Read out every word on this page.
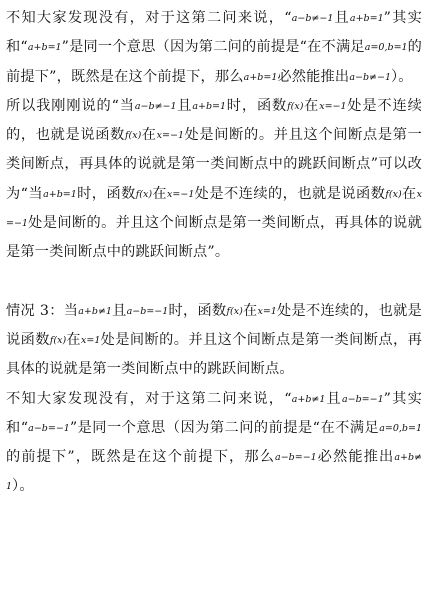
不知大家发现没有，对于这第二问来说，“a−b≠−1且a+b=1”其实和“a+b=1”是同一个意思（因为第二问的前提是“在不满足a=0,b=1的前提下”，既然是在这个前提下，那么a+b=1必然能推出a−b≠−1）。

所以我刚刚说的“当a−b≠−1且a+b=1时，函数f(x)在x=−1处是不连续的，也就是说函数f(x)在x=−1处是间断的。并且这个间断点是第一类间断点，再具体的说就是第一类间断点中的跳跃间断点”可以改为“当a+b=1时，函数f(x)在x=−1处是不连续的，也就是说函数f(x)在x=−1处是间断的。并且这个间断点是第一类间断点，再具体的说就是第一类间断点中的跳跃间断点”。

情况 3：当a+b≠1且a−b=−1时，函数f(x)在x=1处是不连续的，也就是说函数f(x)在x=1处是间断的。并且这个间断点是第一类间断点，再具体的说就是第一类间断点中的跳跃间断点。

不知大家发现没有，对于这第二问来说，“a+b≠1且a−b=−1”其实和“a−b=−1”是同一个意思（因为第二问的前提是“在不满足a=0,b=1的前提下”，既然是在这个前提下，那么a−b=−1必然能推出a+b≠1）。
